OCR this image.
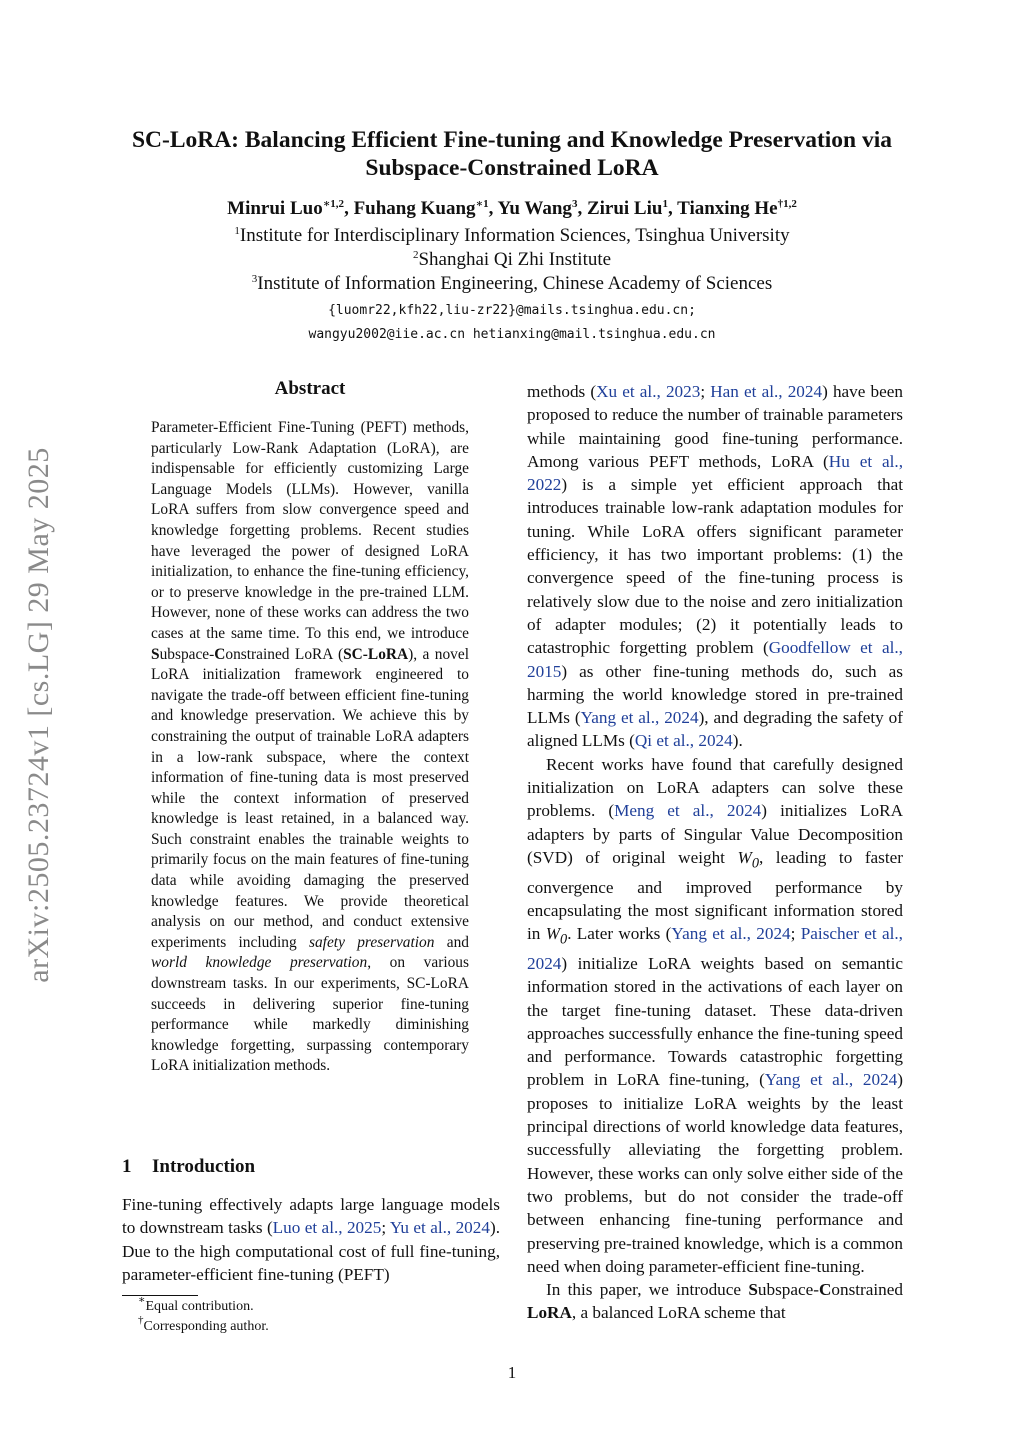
arXiv:2505.23724v1 [cs.LG] 29 May 2025
SC-LoRA: Balancing Efficient Fine-tuning and Knowledge Preservation via
Subspace-Constrained LoRA
Minrui Luo$^{∗1,2}$, Fuhang Kuang$^{∗1}$, Yu Wang$^3$, Zirui Liu$^1$, Tianxing He$^{\dagger 1,2}$
$^1$Institute for Interdisciplinary Information Sciences, Tsinghua University
$^2$Shanghai Qi Zhi Institute
$^3$Institute of Information Engineering, Chinese Academy of Sciences
{luomr22,kfh22,liu-zr22}@mails.tsinghua.edu.cn;
wangyu2002@iie.ac.cn hetianxing@mail.tsinghua.edu.cn
Abstract
Parameter-Efficient Fine-Tuning (PEFT) methods, particularly Low-Rank Adaptation (LoRA), are indispensable for efficiently customizing Large Language Models (LLMs). However, vanilla LoRA suffers from slow convergence speed and knowledge forgetting problems. Recent studies have leveraged the power of designed LoRA initialization, to enhance the fine-tuning efficiency, or to preserve knowledge in the pre-trained LLM. However, none of these works can address the two cases at the same time. To this end, we introduce Subspace-Constrained LoRA (SC-LoRA), a novel LoRA initialization framework engineered to navigate the trade-off between efficient fine-tuning and knowledge preservation. We achieve this by constraining the output of trainable LoRA adapters in a low-rank subspace, where the context information of fine-tuning data is most preserved while the context information of preserved knowledge is least retained, in a balanced way. Such constraint enables the trainable weights to primarily focus on the main features of fine-tuning data while avoiding damaging the preserved knowledge features. We provide theoretical analysis on our method, and conduct extensive experiments including safety preservation and world knowledge preservation, on various downstream tasks. In our experiments, SC-LoRA succeeds in delivering superior fine-tuning performance while markedly diminishing knowledge forgetting, surpassing contemporary LoRA initialization methods.
1 Introduction
Fine-tuning effectively adapts large language models to downstream tasks (Luo et al., 2025; Yu et al., 2024). Due to the high computational cost of full fine-tuning, parameter-efficient fine-tuning (PEFT)
∗Equal contribution.
†Corresponding author.

methods (Xu et al., 2023; Han et al., 2024) have been proposed to reduce the number of trainable parameters while maintaining good fine-tuning performance. Among various PEFT methods, LoRA (Hu et al., 2022) is a simple yet efficient approach that introduces trainable low-rank adaptation modules for tuning. While LoRA offers significant parameter efficiency, it has two important problems: (1) the convergence speed of the fine-tuning process is relatively slow due to the noise and zero initialization of adapter modules; (2) it potentially leads to catastrophic forgetting problem (Goodfellow et al., 2015) as other fine-tuning methods do, such as harming the world knowledge stored in pre-trained LLMs (Yang et al., 2024), and degrading the safety of aligned LLMs (Qi et al., 2024).

Recent works have found that carefully designed initialization on LoRA adapters can solve these problems. (Meng et al., 2024) initializes LoRA adapters by parts of Singular Value Decomposition (SVD) of original weight $W_0$, leading to faster convergence and improved performance by encapsulating the most significant information stored in $W_0$. Later works (Yang et al., 2024; Paischer et al., 2024) initialize LoRA weights based on semantic information stored in the activations of each layer on the target fine-tuning dataset. These data-driven approaches successfully enhance the fine-tuning speed and performance. Towards catastrophic forgetting problem in LoRA fine-tuning, (Yang et al., 2024) proposes to initialize LoRA weights by the least principal directions of world knowledge data features, successfully alleviating the forgetting problem. However, these works can only solve either side of the two problems, but do not consider the trade-off between enhancing fine-tuning performance and preserving pre-trained knowledge, which is a common need when doing parameter-efficient fine-tuning.

In this paper, we introduce Subspace-Constrained LoRA, a balanced LoRA scheme that

1
